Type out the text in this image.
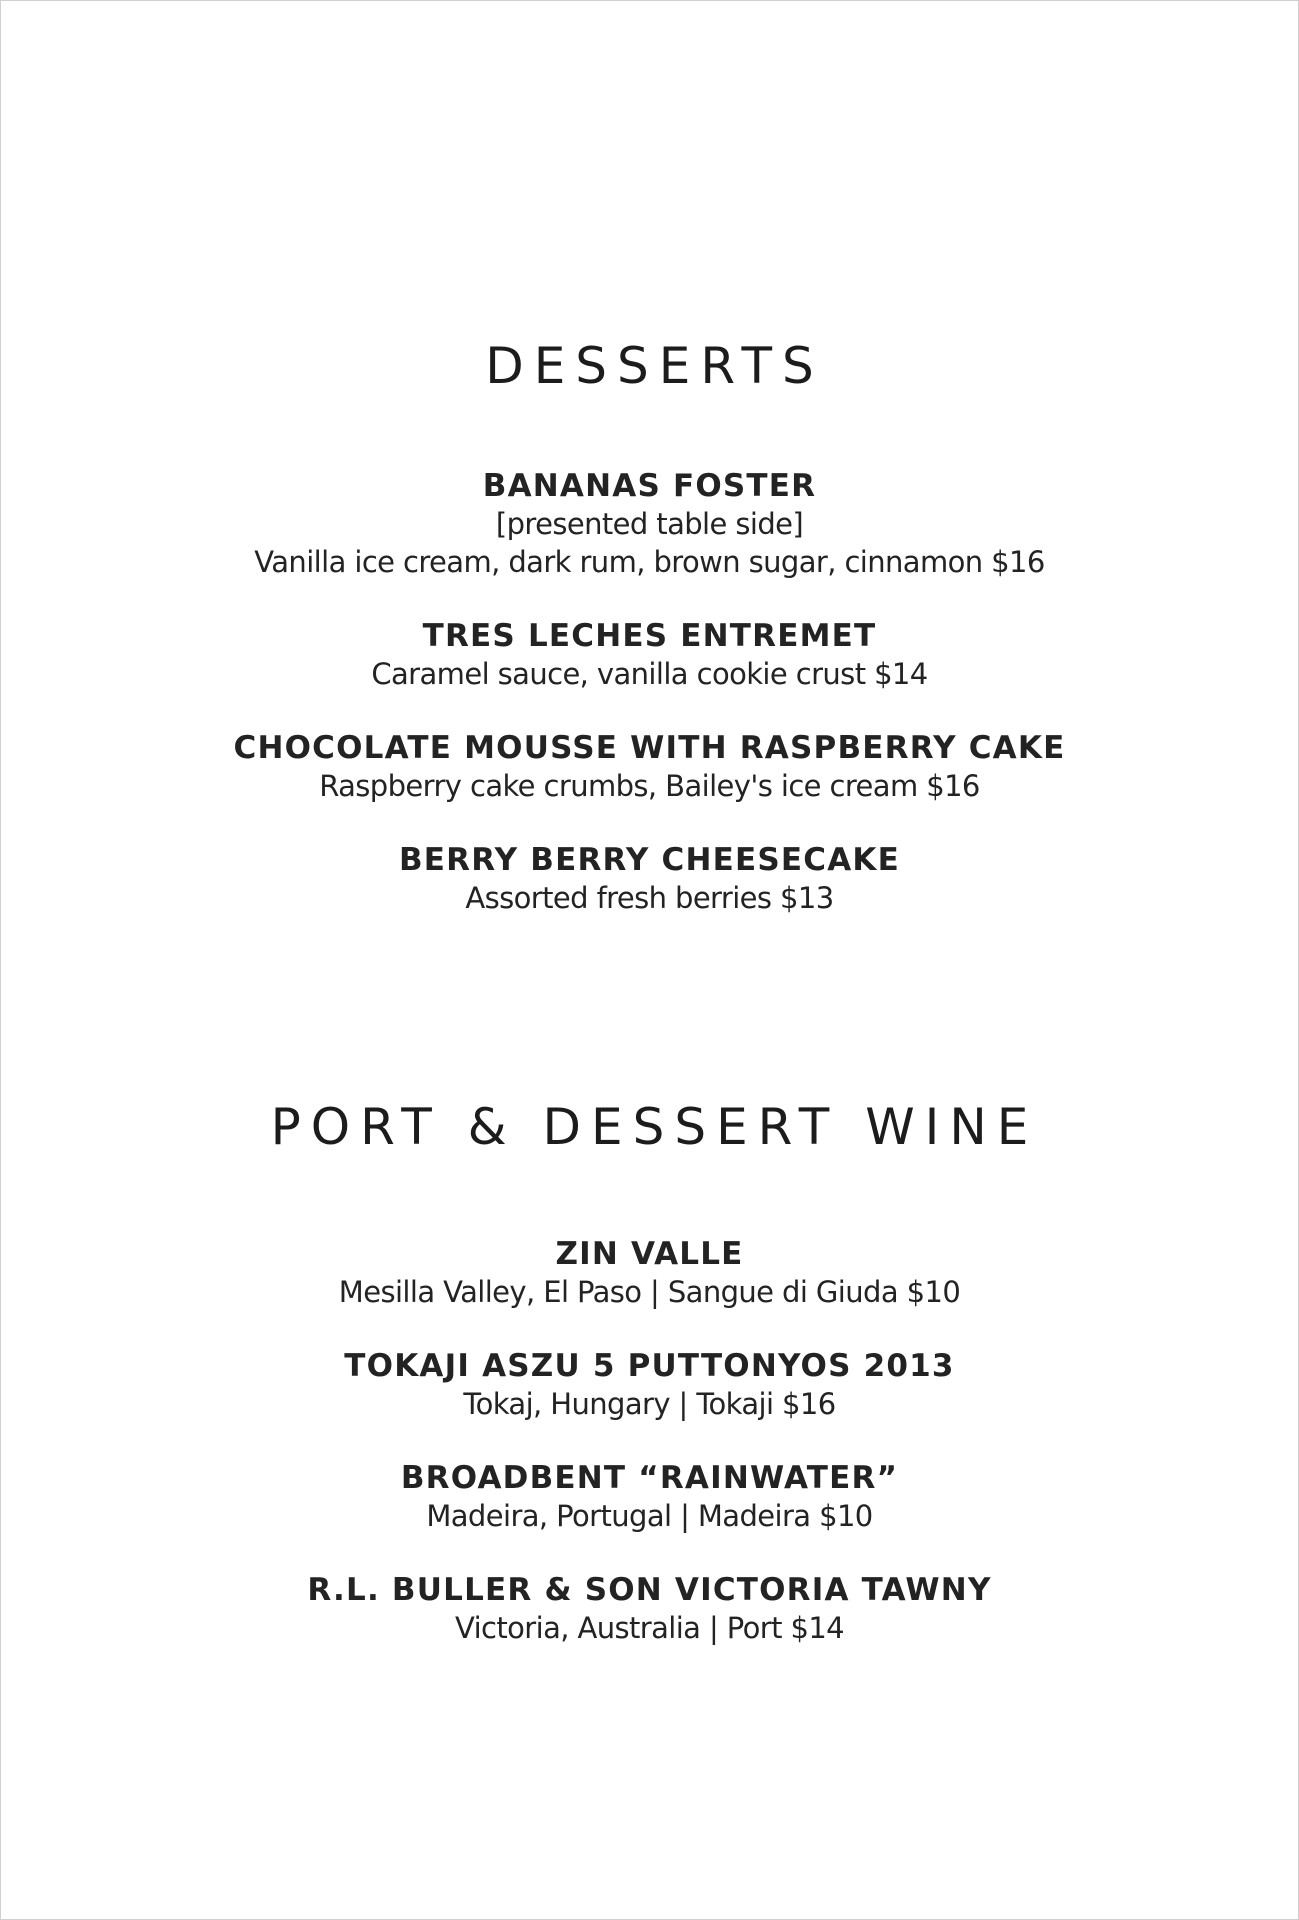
DESSERTS
BANANAS FOSTER
[presented table side]
Vanilla ice cream, dark rum, brown sugar, cinnamon $16
TRES LECHES ENTREMET
Caramel sauce, vanilla cookie crust $14
CHOCOLATE MOUSSE WITH RASPBERRY CAKE
Raspberry cake crumbs, Bailey's ice cream $16
BERRY BERRY CHEESECAKE
Assorted fresh berries $13
PORT & DESSERT WINE
ZIN VALLE
Mesilla Valley, El Paso | Sangue di Giuda $10
TOKAJI ASZU 5 PUTTONYOS 2013
Tokaj, Hungary | Tokaji $16
BROADBENT “RAINWATER”
Madeira, Portugal | Madeira $10
R.L. BULLER & SON VICTORIA TAWNY
Victoria, Australia | Port $14
